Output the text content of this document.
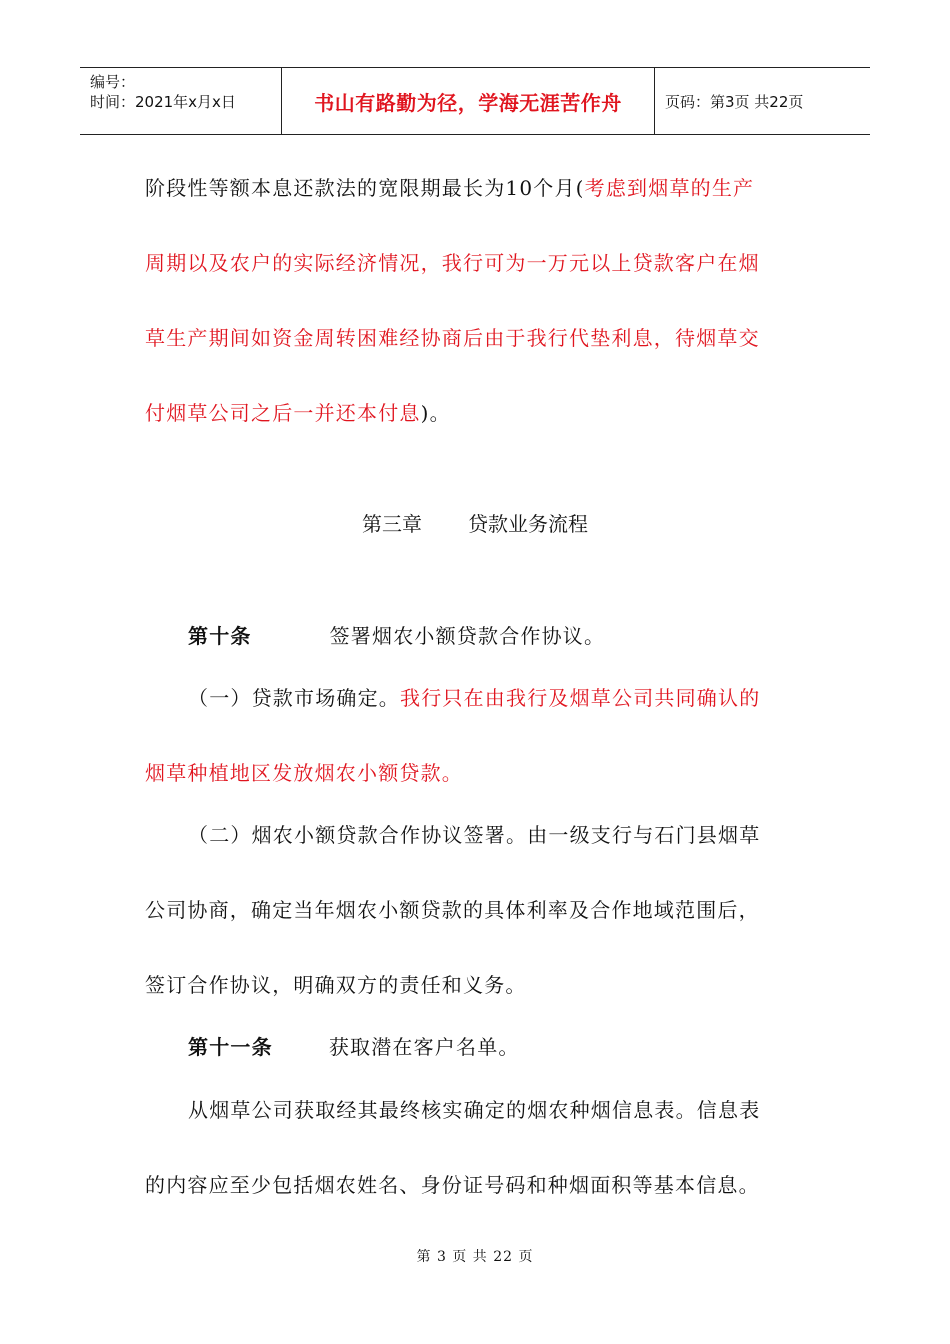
编号：
时间：2021年x月x日	书山有路勤为径，学海无涯苦作舟	页码：第3页 共22页
阶段性等额本息还款法的宽限期最长为10个月(考虑到烟草的生产
周期以及农户的实际经济情况，我行可为一万元以上贷款客户在烟
草生产期间如资金周转困难经协商后由于我行代垫利息，待烟草交
付烟草公司之后一并还本付息)。
第三章 贷款业务流程
第十条	签署烟农小额贷款合作协议。
（一）贷款市场确定。我行只在由我行及烟草公司共同确认的
烟草种植地区发放烟农小额贷款。
（二）烟农小额贷款合作协议签署。由一级支行与石门县烟草
公司协商，确定当年烟农小额贷款的具体利率及合作地域范围后，
签订合作协议，明确双方的责任和义务。
第十一条	获取潜在客户名单。
从烟草公司获取经其最终核实确定的烟农种烟信息表。信息表
的内容应至少包括烟农姓名、身份证号码和种烟面积等基本信息。
第 3 页 共 22 页
